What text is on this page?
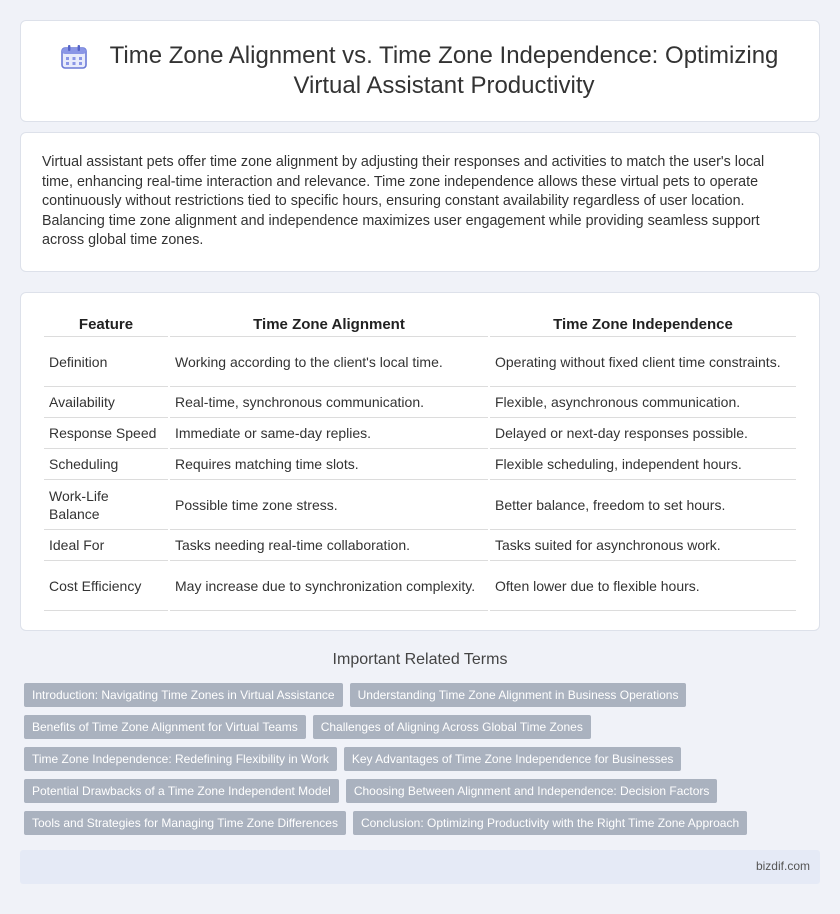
Time Zone Alignment vs. Time Zone Independence: Optimizing Virtual Assistant Productivity

Virtual assistant pets offer time zone alignment by adjusting their responses and activities to match the user's local time, enhancing real-time interaction and relevance. Time zone independence allows these virtual pets to operate continuously without restrictions tied to specific hours, ensuring constant availability regardless of user location. Balancing time zone alignment and independence maximizes user engagement while providing seamless support across global time zones.

Feature	Time Zone Alignment	Time Zone Independence
Definition	Working according to the client's local time.	Operating without fixed client time constraints.
Availability	Real-time, synchronous communication.	Flexible, asynchronous communication.
Response Speed	Immediate or same-day replies.	Delayed or next-day responses possible.
Scheduling	Requires matching time slots.	Flexible scheduling, independent hours.
Work-Life Balance	Possible time zone stress.	Better balance, freedom to set hours.
Ideal For	Tasks needing real-time collaboration.	Tasks suited for asynchronous work.
Cost Efficiency	May increase due to synchronization complexity.	Often lower due to flexible hours.
Important Related Terms
Introduction: Navigating Time Zones in Virtual Assistance	Understanding Time Zone Alignment in Business Operations
Benefits of Time Zone Alignment for Virtual Teams	Challenges of Aligning Across Global Time Zones
Time Zone Independence: Redefining Flexibility in Work	Key Advantages of Time Zone Independence for Businesses
Potential Drawbacks of a Time Zone Independent Model	Choosing Between Alignment and Independence: Decision Factors
Tools and Strategies for Managing Time Zone Differences	Conclusion: Optimizing Productivity with the Right Time Zone Approach
bizdif.com
